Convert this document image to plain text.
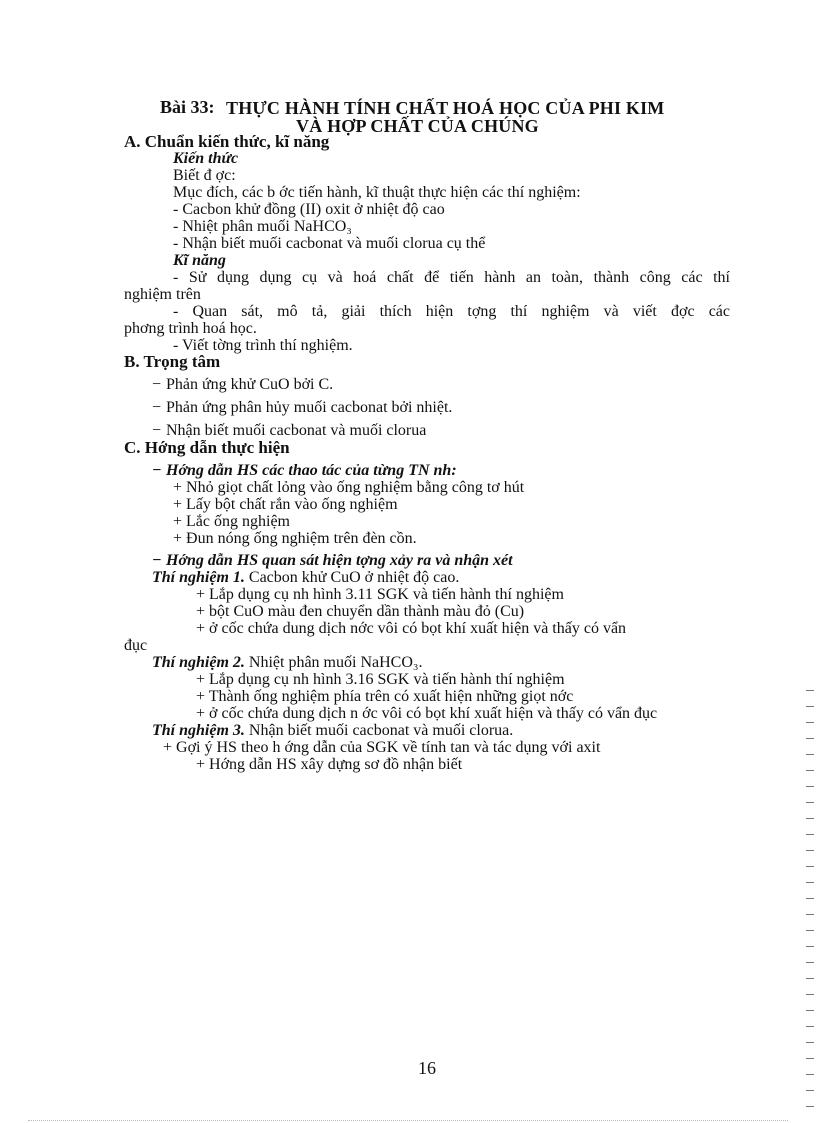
Bài 33: THỰC HÀNH TÍNH CHẤT HOÁ HỌC CỦA PHI KIM
VÀ HỢP CHẤT CỦA CHÚNG
A. Chuẩn kiến thức, kĩ năng
Kiến thức
Biết đ ợc:
Mục đích, các b ớc tiến hành, kĩ thuật thực hiện các thí nghiệm:
- Cacbon khử đồng (II) oxit ở nhiệt độ cao
- Nhiệt phân muối NaHCO₃
- Nhận biết muối cacbonat và muối clorua cụ thể
Kĩ năng
- Sử dụng dụng cụ và hoá chất để tiến hành an toàn, thành công các thí
nghiệm trên
- Quan sát, mô tả, giải thích hiện tợng thí nghiệm và viết đợc các
phơng trình hoá học.
- Viết tờng trình thí nghiệm.
B. Trọng tâm
− Phản ứng khử CuO bởi C.
− Phản ứng phân hủy muối cacbonat bởi nhiệt.
− Nhận biết muối cacbonat và muối clorua
C. Hớng dẫn thực hiện
− Hớng dẫn HS các thao tác của từng TN nh:
+ Nhỏ giọt chất lỏng vào ống nghiệm bằng công tơ hút
+ Lấy bột chất rắn vào ống nghiệm
+ Lắc ống nghiệm
+ Đun nóng ống nghiệm trên đèn cồn.
− Hớng dẫn HS quan sát hiện tợng xảy ra và nhận xét
Thí nghiệm 1. Cacbon khử CuO ở nhiệt độ cao.
+ Lắp dụng cụ nh hình 3.11 SGK và tiến hành thí nghiệm
+ bột CuO màu đen chuyển dần thành màu đỏ (Cu)
+ ở cốc chứa dung dịch nớc vôi có bọt khí xuất hiện và thấy có vẩn
đục
Thí nghiệm 2. Nhiệt phân muối NaHCO₃.
+ Lắp dụng cụ nh hình 3.16 SGK và tiến hành thí nghiệm
+ Thành ống nghiệm phía trên có xuất hiện những giọt nớc
+ ở cốc chứa dung dịch n ớc vôi có bọt khí xuất hiện và thấy có vẩn đục
Thí nghiệm 3. Nhận biết muối cacbonat và muối clorua.
+ Gợi ý HS theo h ớng dẫn của SGK về tính tan và tác dụng với axit
+ Hớng dẫn HS xây dựng sơ đồ nhận biết
16
